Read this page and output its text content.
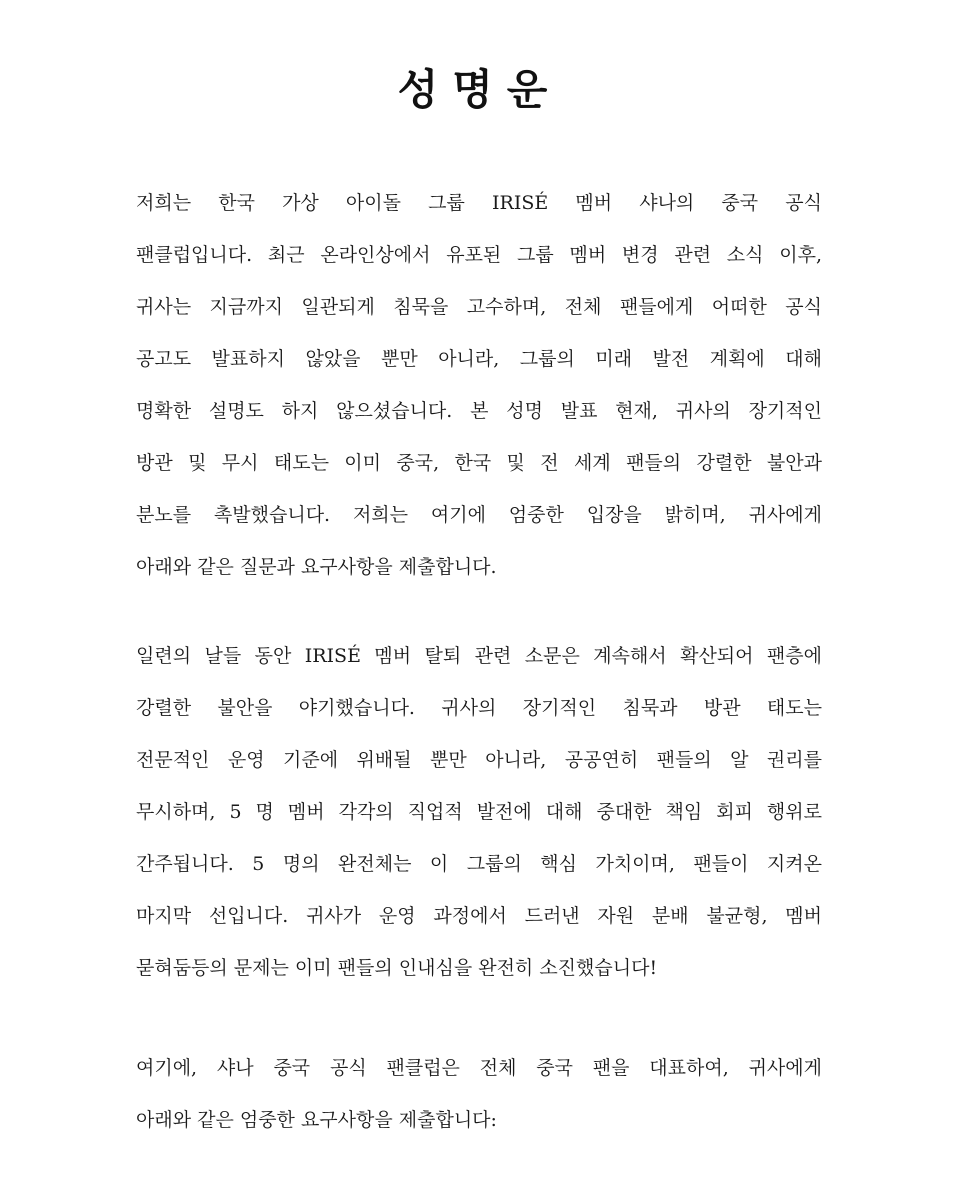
성명운
저희는 한국 가상 아이돌 그룹 IRISÉ 멤버 샤나의 중국 공식
팬클럽입니다. 최근 온라인상에서 유포된 그룹 멤버 변경 관련 소식 이후,
귀사는 지금까지 일관되게 침묵을 고수하며, 전체 팬들에게 어떠한 공식
공고도 발표하지 않았을 뿐만 아니라, 그룹의 미래 발전 계획에 대해
명확한 설명도 하지 않으셨습니다. 본 성명 발표 현재, 귀사의 장기적인
방관 및 무시 태도는 이미 중국, 한국 및 전 세계 팬들의 강렬한 불안과
분노를 촉발했습니다. 저희는 여기에 엄중한 입장을 밝히며, 귀사에게
아래와 같은 질문과 요구사항을 제출합니다.
일련의 날들 동안 IRISÉ 멤버 탈퇴 관련 소문은 계속해서 확산되어 팬층에
강렬한 불안을 야기했습니다. 귀사의 장기적인 침묵과 방관 태도는
전문적인 운영 기준에 위배될 뿐만 아니라, 공공연히 팬들의 알 권리를
무시하며, 5 명 멤버 각각의 직업적 발전에 대해 중대한 책임 회피 행위로
간주됩니다. 5 명의 완전체는 이 그룹의 핵심 가치이며, 팬들이 지켜온
마지막 선입니다. 귀사가 운영 과정에서 드러낸 자원 분배 불균형, 멤버
묻혀둠등의 문제는 이미 팬들의 인내심을 완전히 소진했습니다!
여기에, 샤나 중국 공식 팬클럽은 전체 중국 팬을 대표하여, 귀사에게
아래와 같은 엄중한 요구사항을 제출합니다:
